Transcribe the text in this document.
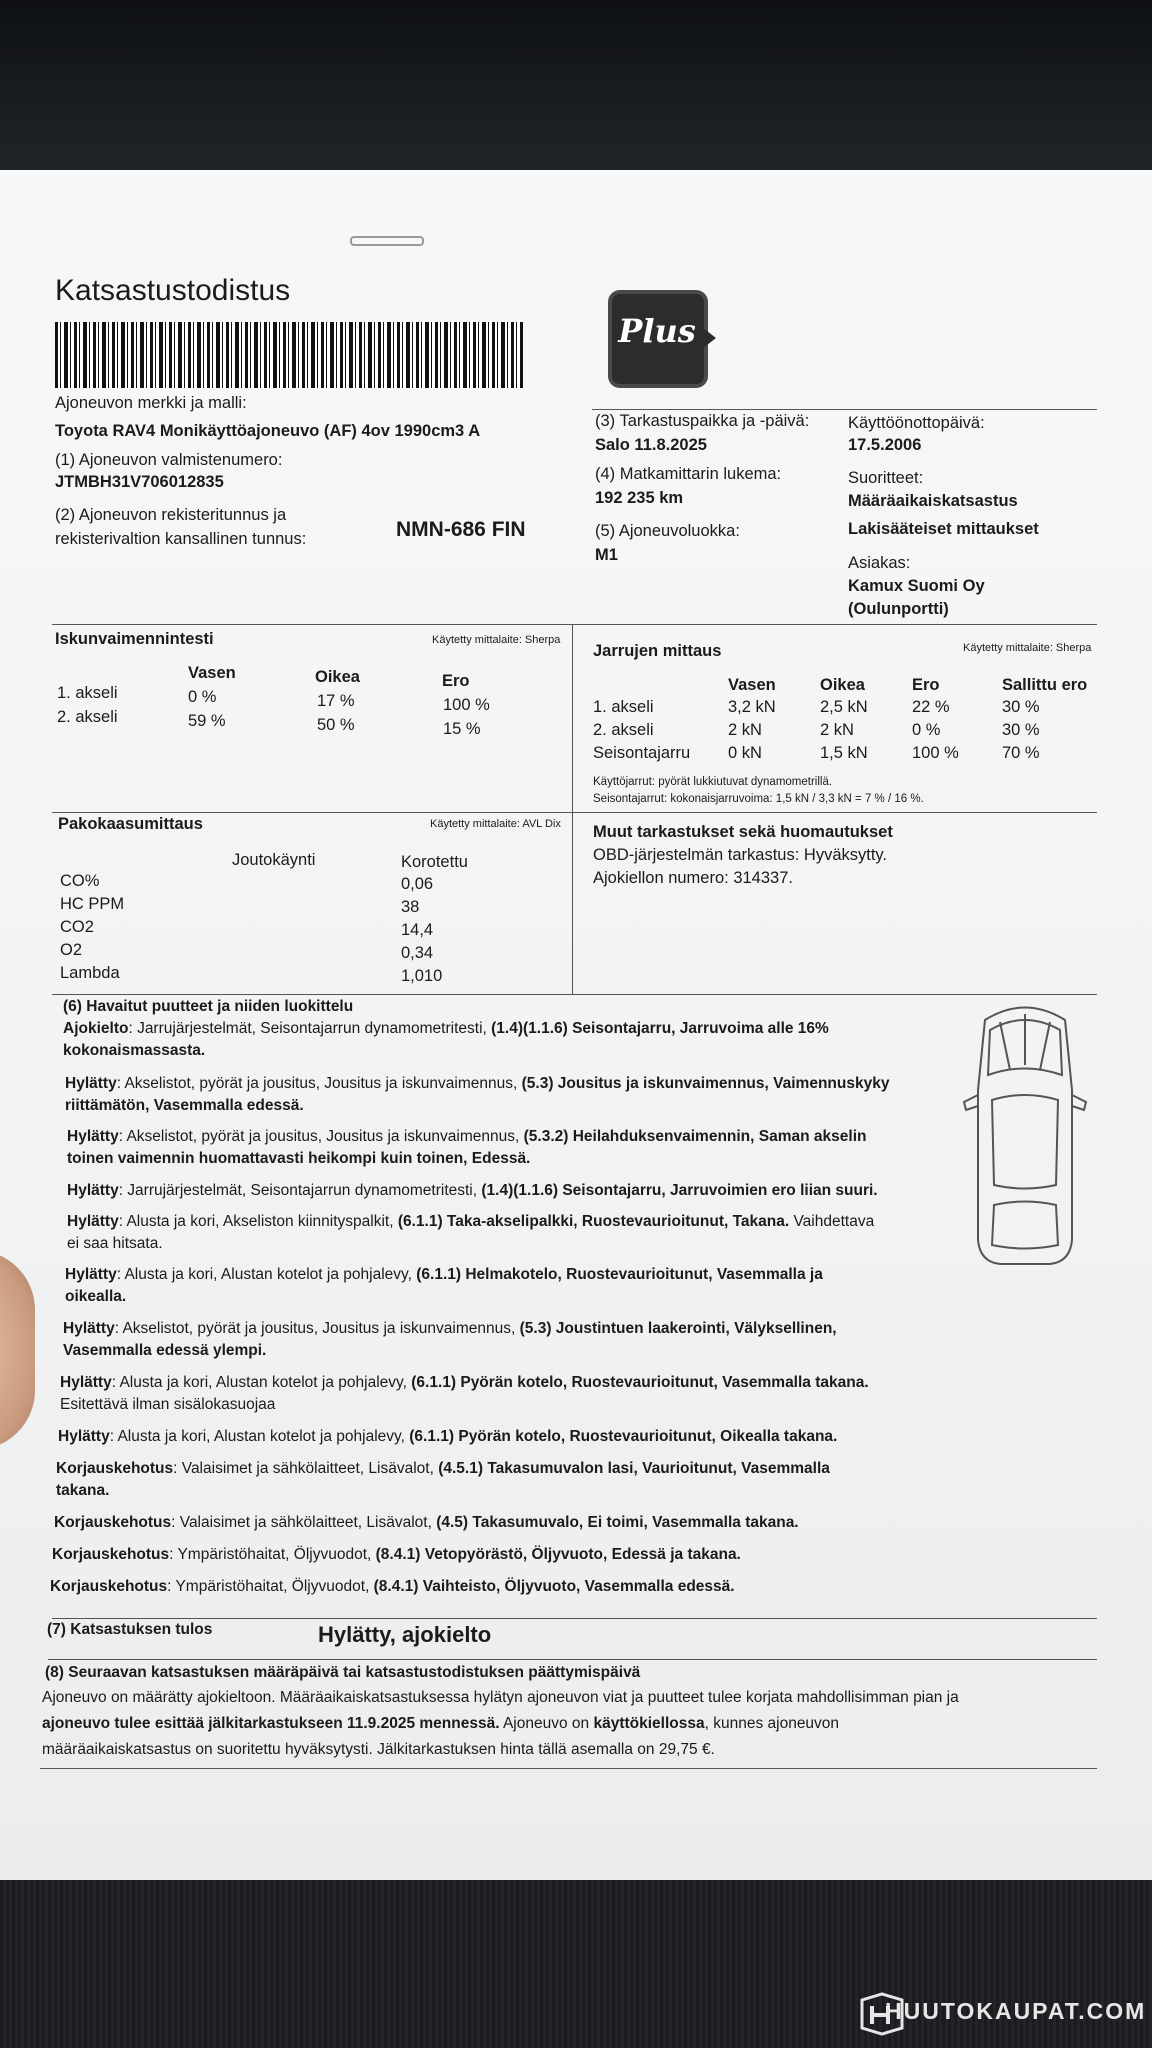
Katsastustodistus
Plus
Ajoneuvon merkki ja malli:
Toyota RAV4 Monikäyttöajoneuvo (AF) 4ov 1990cm3 A
(1) Ajoneuvon valmistenumero:
JTMBH31V706012835
(2) Ajoneuvon rekisteritunnus ja
rekisterivaltion kansallinen tunnus:	NMN-686 FIN
(3) Tarkastuspaikka ja -päivä:
Salo 11.8.2025
(4) Matkamittarin lukema:
192 235 km
(5) Ajoneuvoluokka:
M1
Käyttöönottopäivä:
17.5.2006
Suoritteet:
Määräaikaiskatsastus
Lakisääteiset mittaukset
Asiakas:
Kamux Suomi Oy
(Oulunportti)
Iskunvaimennintesti	Käytetty mittalaite: Sherpa
Vasen	Oikea	Ero
1. akseli	0 %	17 %	100 %
2. akseli	59 %	50 %	15 %
Jarrujen mittaus	Käytetty mittalaite: Sherpa
Vasen	Oikea	Ero	Sallittu ero
1. akseli	3,2 kN	2,5 kN	22 %	30 %
2. akseli	2 kN	2 kN	0 %	30 %
Seisontajarru 0 kN	1,5 kN	100 %	70 %
Käyttöjarrut: pyörät lukkiutuvat dynamometrillä.
Seisontajarrut: kokonaisjarruvoima: 1,5 kN / 3,3 kN = 7 % / 16 %.
Pakokaasumittaus	Käytetty mittalaite: AVL Dix
Joutokäynti	Korotettu
CO%	0,06
HC PPM	38
CO2	14,4
O2	0,34
Lambda	1,010
Muut tarkastukset sekä huomautukset
OBD-järjestelmän tarkastus: Hyväksytty.
Ajokiellon numero: 314337.
(6) Havaitut puutteet ja niiden luokittelu
Ajokielto: Jarrujärjestelmät, Seisontajarrun dynamometritesti, (1.4)(1.1.6) Seisontajarru, Jarruvoima alle 16%
kokonaismassasta.
Hylätty: Akselistot, pyörät ja jousitus, Jousitus ja iskunvaimennus, (5.3) Jousitus ja iskunvaimennus, Vaimennuskyky
riittämätön, Vasemmalla edessä.
Hylätty: Akselistot, pyörät ja jousitus, Jousitus ja iskunvaimennus, (5.3.2) Heilahduksenvaimennin, Saman akselin
toinen vaimennin huomattavasti heikompi kuin toinen, Edessä.
Hylätty: Jarrujärjestelmät, Seisontajarrun dynamometritesti, (1.4)(1.1.6) Seisontajarru, Jarruvoimien ero liian suuri.
Hylätty: Alusta ja kori, Akseliston kiinnityspalkit, (6.1.1) Taka-akselipalkki, Ruostevaurioitunut, Takana. Vaihdettava
ei saa hitsata.
Hylätty: Alusta ja kori, Alustan kotelot ja pohjalevy, (6.1.1) Helmakotelo, Ruostevaurioitunut, Vasemmalla ja
oikealla.
Hylätty: Akselistot, pyörät ja jousitus, Jousitus ja iskunvaimennus, (5.3) Joustintuen laakerointi, Välyksellinen,
Vasemmalla edessä ylempi.
Hylätty: Alusta ja kori, Alustan kotelot ja pohjalevy, (6.1.1) Pyörän kotelo, Ruostevaurioitunut, Vasemmalla takana.
Esitettävä ilman sisälokasuojaa
Hylätty: Alusta ja kori, Alustan kotelot ja pohjalevy, (6.1.1) Pyörän kotelo, Ruostevaurioitunut, Oikealla takana.
Korjauskehotus: Valaisimet ja sähkölaitteet, Lisävalot, (4.5.1) Takasumuvalon lasi, Vaurioitunut, Vasemmalla
takana.
Korjauskehotus: Valaisimet ja sähkölaitteet, Lisävalot, (4.5) Takasumuvalo, Ei toimi, Vasemmalla takana.
Korjauskehotus: Ympäristöhaitat, Öljyvuodot, (8.4.1) Vetopyörästö, Öljyvuoto, Edessä ja takana.
Korjauskehotus: Ympäristöhaitat, Öljyvuodot, (8.4.1) Vaihteisto, Öljyvuoto, Vasemmalla edessä.
(7) Katsastuksen tulos	Hylätty, ajokielto
(8) Seuraavan katsastuksen määräpäivä tai katsastustodistuksen päättymispäivä
Ajoneuvo on määrätty ajokieltoon. Määräaikaiskatsastuksessa hylätyn ajoneuvon viat ja puutteet tulee korjata mahdollisimman pian ja
ajoneuvo tulee esittää jälkitarkastukseen 11.9.2025 mennessä. Ajoneuvo on käyttökiellossa, kunnes ajoneuvon
määräaikaiskatsastus on suoritettu hyväksytysti. Jälkitarkastuksen hinta tällä asemalla on 29,75 €.
HUUTOKAUPAT.COM
